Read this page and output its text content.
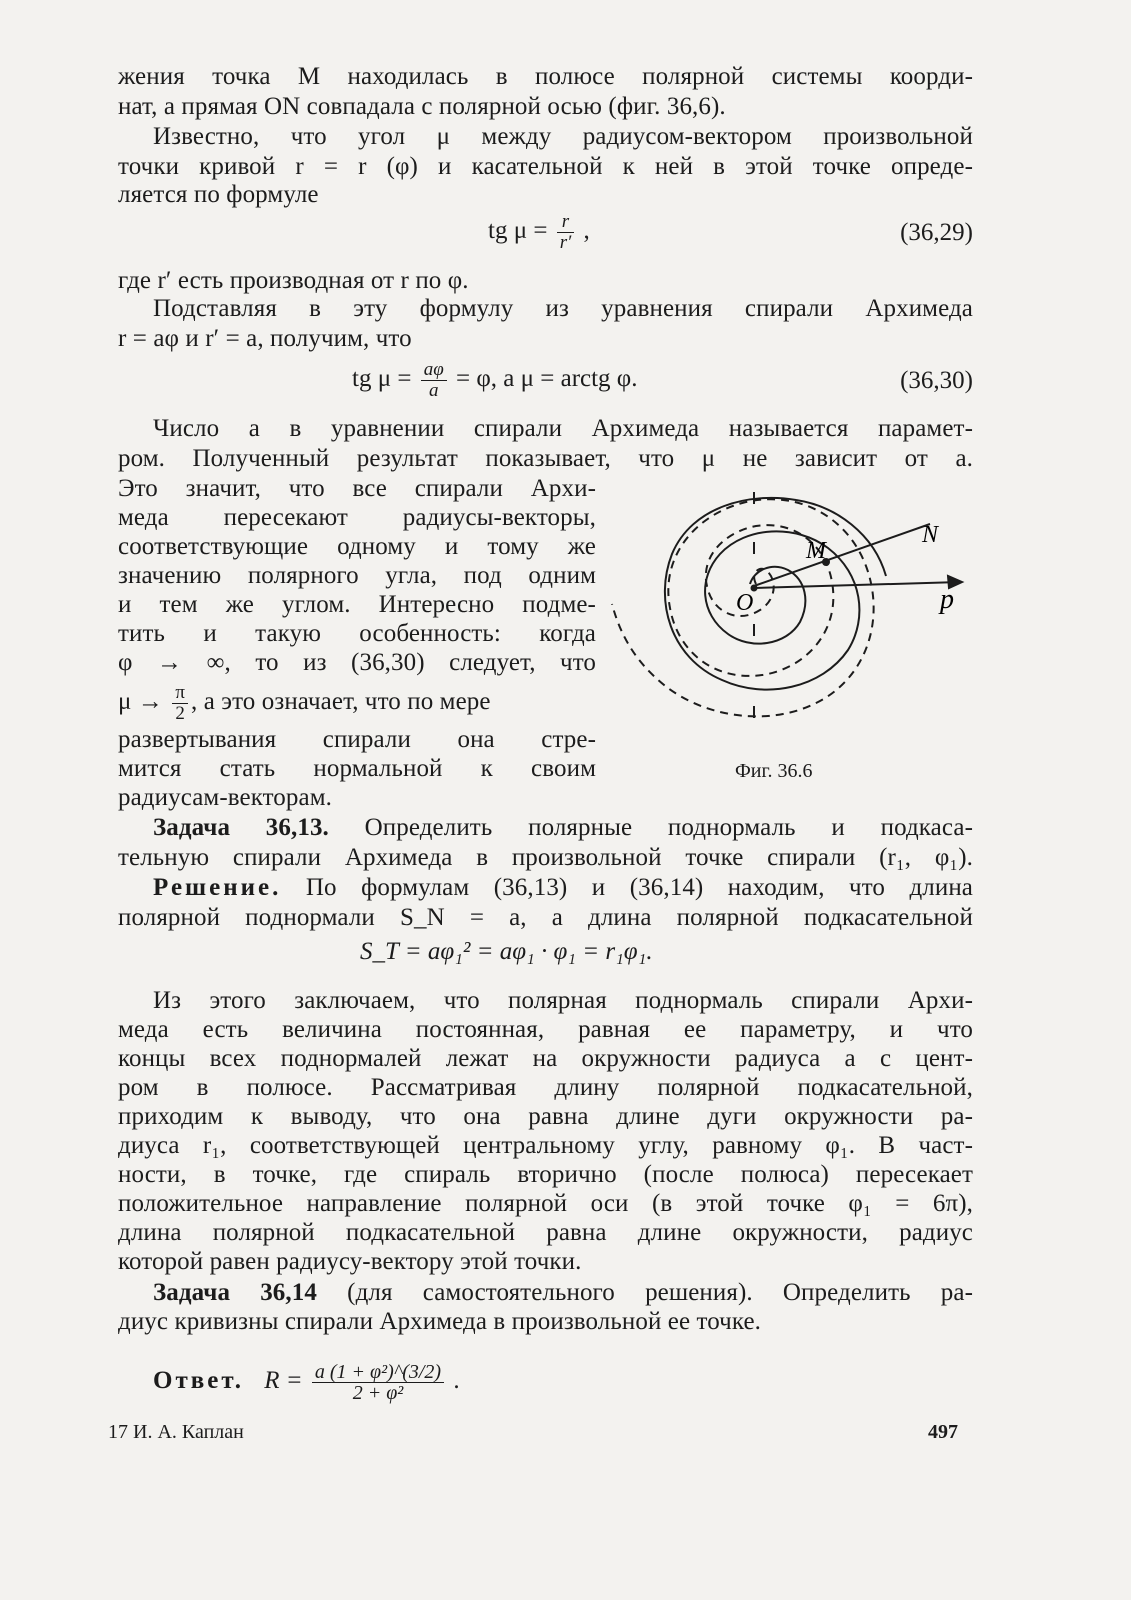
жения точка M находилась в полюсе полярной системы коорди-
нат, а прямая ON совпадала с полярной осью (фиг. 36,6).
Известно, что угол μ между радиусом-вектором произвольной
точки кривой r = r (φ) и касательной к ней в этой точке опреде-
ляется по формуле
tg $\mu = \frac{r}{r'}$ ,	(36,29)
где r′ есть производная от r по φ.
Подставляя в эту формулу из уравнения спирали Архимеда
r = aφ и r′ = a, получим, что
tg $\mu = \frac{a\varphi}{a} = \varphi$, а μ = arctg φ.	(36,30)
Число a в уравнении спирали Архимеда называется парамет-
ром. Полученный результат показывает, что μ не зависит от a.
Это значит, что все спирали Архи-
меда пересекают радиусы-векторы,
соответствующие одному и тому же
значению полярного угла, под одним
и тем же углом. Интересно подме-
тить и такую особенность: когда
φ → ∞, то из (36,30) следует, что
$\mu \to \frac{\pi}{2}$ , а это означает, что по мере
развертывания спирали она стре-
мится стать нормальной к своим
радиусам-векторам.
N
M
O	p
Фиг. 36.6
Задача 36,13. Определить полярные поднормаль и подкаса-
тельную спирали Архимеда в произвольной точке спирали (r₁, φ₁).
Решение. По формулам (36,13) и (36,14) находим, что длина
полярной поднормали S_N = a, а длина полярной подкасательной
S_T = aφ₁² = aφ₁ · φ₁ = r₁φ₁.
Из этого заключаем, что полярная поднормаль спирали Архи-
меда есть величина постоянная, равная ее параметру, и что
концы всех поднормалей лежат на окружности радиуса a с цент-
ром в полюсе. Рассматривая длину полярной подкасательной,
приходим к выводу, что она равна длине дуги окружности ра-
диуса r₁, соответствующей центральному углу, равному φ₁. В част-
ности, в точке, где спираль вторично (после полюса) пересекает
положительное направление полярной оси (в этой точке φ₁ = 6π),
длина полярной подкасательной равна длине окружности, радиус
которой равен радиусу-вектору этой точки.
Задача 36,14 (для самостоятельного решения). Определить ра-
диус кривизны спирали Архимеда в произвольной ее точке.
Ответ. $R = \frac{\text{a (1 + φ²)\textasciicircum{}(3/2)}}{\text{2 + φ²}}$ .
17 И. А. Каплан	497
